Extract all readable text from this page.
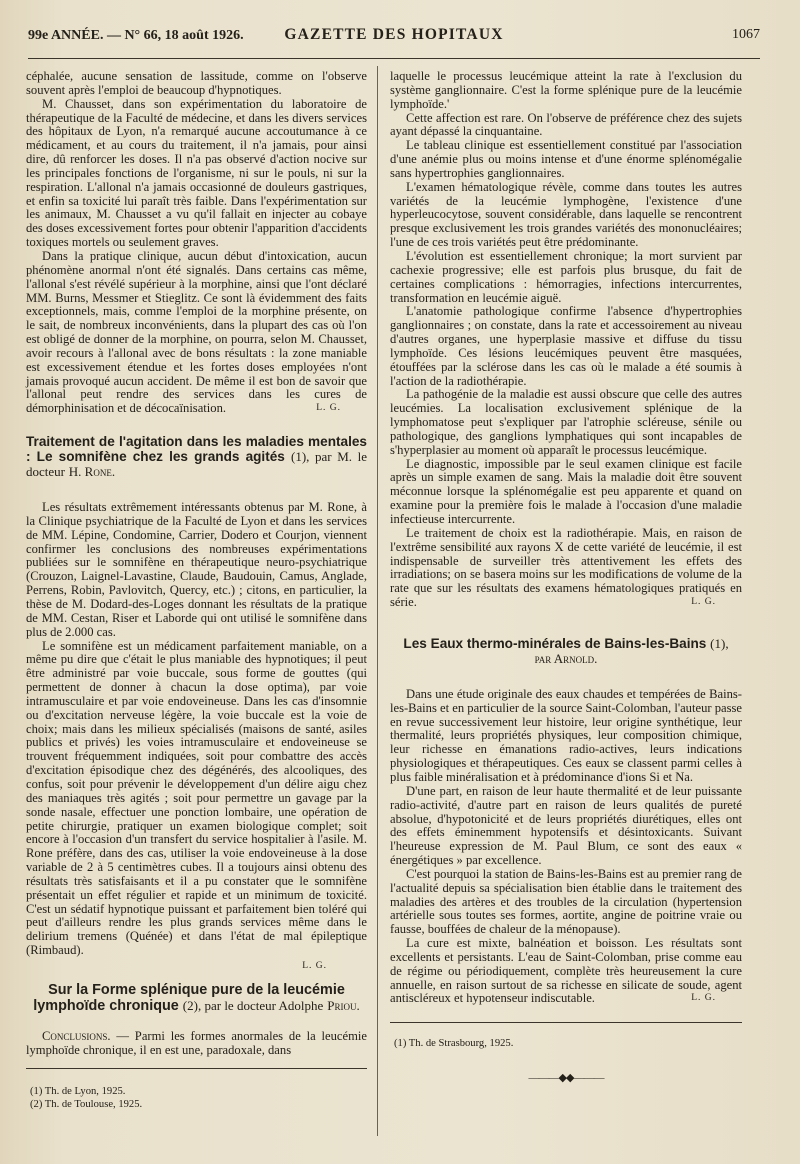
99e ANNÉE. — N° 66, 18 août 1926.	GAZETTE DES HOPITAUX	1067

céphalée, aucune sensation de lassitude, comme on l'observe souvent après l'emploi de beaucoup d'hypnotiques.

M. Chausset, dans son expérimentation du laboratoire de thérapeutique de la Faculté de médecine, et dans les divers services des hôpitaux de Lyon, n'a remarqué aucune accoutumance à ce médicament, et au cours du traitement, il n'a jamais, pour ainsi dire, dû renforcer les doses. Il n'a pas observé d'action nocive sur les principales fonctions de l'organisme, ni sur le pouls, ni sur la respiration. L'allonal n'a jamais occasionné de douleurs gastriques, et enfin sa toxicité lui paraît très faible. Dans l'expérimentation sur les animaux, M. Chausset a vu qu'il fallait en injecter au cobaye des doses excessivement fortes pour obtenir l'apparition d'accidents toxiques mortels ou seulement graves.

Dans la pratique clinique, aucun début d'intoxication, aucun phénomène anormal n'ont été signalés. Dans certains cas même, l'allonal s'est révélé supérieur à la morphine, ainsi que l'ont déclaré MM. Burns, Messmer et Stieglitz. Ce sont là évidemment des faits exceptionnels, mais, comme l'emploi de la morphine présente, on le sait, de nombreux inconvénients, dans la plupart des cas où l'on est obligé de donner de la morphine, on pourra, selon M. Chausset, avoir recours à l'allonal avec de bons résultats : la zone maniable est excessivement étendue et les fortes doses employées n'ont jamais provoqué aucun accident. De même il est bon de savoir que l'allonal peut rendre des services dans les cures de démorphinisation et de décocaïnisation.	L. G.

Traitement de l'agitation dans les maladies mentales : Le somnifène chez les grands agités (1), par M. le docteur H. Rone.

Les résultats extrêmement intéressants obtenus par M. Rone, à la Clinique psychiatrique de la Faculté de Lyon et dans les services de MM. Lépine, Condomine, Carrier, Dodero et Courjon, viennent confirmer les conclusions des nombreuses expérimentations publiées sur le somnifène en thérapeutique neuro-psychiatrique (Crouzon, Laignel-Lavastine, Claude, Baudouin, Camus, Anglade, Perrens, Robin, Pavlovitch, Quercy, etc.) ; citons, en particulier, la thèse de M. Dodard-des-Loges donnant les résultats de la pratique de MM. Cestan, Riser et Laborde qui ont utilisé le somnifène dans plus de 2.000 cas.

Le somnifène est un médicament parfaitement maniable, on a même pu dire que c'était le plus maniable des hypnotiques; il peut être administré par voie buccale, sous forme de gouttes (qui permettent de donner à chacun la dose optima), par voie intramusculaire et par voie endoveineuse. Dans les cas d'insomnie ou d'excitation nerveuse légère, la voie buccale est la voie de choix; mais dans les milieux spécialisés (maisons de santé, asiles publics et privés) les voies intramusculaire et endoveineuse se trouvent fréquemment indiquées, soit pour combattre des accès d'excitation épisodique chez des dégénérés, des alcooliques, des confus, soit pour prévenir le développement d'un délire aigu chez des maniaques très agités ; soit pour permettre un gavage par la sonde nasale, effectuer une ponction lombaire, une opération de petite chirurgie, pratiquer un examen biologique complet; soit encore à l'occasion d'un transfert du service hospitalier à l'asile. M. Rone préfère, dans des cas, utiliser la voie endoveineuse à la dose variable de 2 à 5 centimètres cubes. Il a toujours ainsi obtenu des résultats très satisfaisants et il a pu constater que le somnifène présentait un effet régulier et rapide et un minimum de toxicité. C'est un sédatif hypnotique puissant et parfaitement bien toléré qui peut d'ailleurs rendre les plus grands services même dans le delirium tremens (Quénée) et dans l'état de mal épileptique (Rimbaud).

L. G.

Sur la Forme splénique pure de la leucémie lymphoïde chronique (2), par le docteur Adolphe Priou.

Conclusions. — Parmi les formes anormales de la leucémie lymphoïde chronique, il en est une, paradoxale, dans

(1) Th. de Lyon, 1925.

(2) Th. de Toulouse, 1925.

laquelle le processus leucémique atteint la rate à l'exclusion du système ganglionnaire. C'est la forme splénique pure de la leucémie lymphoïde.'

Cette affection est rare. On l'observe de préférence chez des sujets ayant dépassé la cinquantaine.

Le tableau clinique est essentiellement constitué par l'association d'une anémie plus ou moins intense et d'une énorme splénomégalie sans hypertrophies ganglionnaires.

L'examen hématologique révèle, comme dans toutes les autres variétés de la leucémie lymphogène, l'existence d'une hyperleucocytose, souvent considérable, dans laquelle se rencontrent presque exclusivement les trois grandes variétés des mononucléaires; l'une de ces trois variétés peut être prédominante.

L'évolution est essentiellement chronique; la mort survient par cachexie progressive; elle est parfois plus brusque, du fait de certaines complications : hémorragies, infections intercurrentes, transformation en leucémie aiguë.

L'anatomie pathologique confirme l'absence d'hypertrophies ganglionnaires ; on constate, dans la rate et accessoirement au niveau d'autres organes, une hyperplasie massive et diffuse du tissu lymphoïde. Ces lésions leucémiques peuvent être masquées, étouffées par la sclérose dans les cas où le malade a été soumis à l'action de la radiothérapie.

La pathogénie de la maladie est aussi obscure que celle des autres leucémies. La localisation exclusivement splénique de la lymphomatose peut s'expliquer par l'atrophie scléreuse, sénile ou pathologique, des ganglions lymphatiques qui sont incapables de s'hyperplasier au moment où apparaît le processus leucémique.

Le diagnostic, impossible par le seul examen clinique est facile après un simple examen de sang. Mais la maladie doit être souvent méconnue lorsque la splénomégalie est peu apparente et quand on examine pour la première fois le malade à l'occasion d'une maladie infectieuse intercurrente.

Le traitement de choix est la radiothérapie. Mais, en raison de l'extrême sensibilité aux rayons X de cette variété de leucémie, il est indispensable de surveiller très attentivement les effets des irradiations; on se basera moins sur les modifications de volume de la rate que sur les résultats des examens hématologiques pratiqués en série.	L. G.

Les Eaux thermo-minérales de Bains-les-Bains (1),
par Arnold.

Dans une étude originale des eaux chaudes et tempérées de Bains-les-Bains et en particulier de la source Saint-Colomban, l'auteur passe en revue successivement leur histoire, leur origine synthétique, leur thermalité, leurs propriétés physiques, leur composition chimique, leur richesse en émanations radio-actives, leurs indications physiologiques et thérapeutiques. Ces eaux se classent parmi celles à plus faible minéralisation et à prédominance d'ions Si et Na.

D'une part, en raison de leur haute thermalité et de leur puissante radio-activité, d'autre part en raison de leurs qualités de pureté absolue, d'hypotonicité et de leurs propriétés diurétiques, elles ont des effets éminemment hypotensifs et désintoxicants. Suivant l'heureuse expression de M. Paul Blum, ce sont des eaux « énergétiques » par excellence.

C'est pourquoi la station de Bains-les-Bains est au premier rang de l'actualité depuis sa spécialisation bien établie dans le traitement des maladies des artères et des troubles de la circulation (hypertension artérielle sous toutes ses formes, aortite, angine de poitrine vraie ou fausse, bouffées de chaleur de la ménopause).

La cure est mixte, balnéation et boisson. Les résultats sont excellents et persistants. L'eau de Saint-Colomban, prise comme eau de régime ou périodiquement, complète très heureusement la cure annuelle, en raison surtout de sa richesse en silicate de soude, agent antiscléreux et hypotenseur indiscutable.	L. G.

(1) Th. de Strasbourg, 1925.

———◆◆———
